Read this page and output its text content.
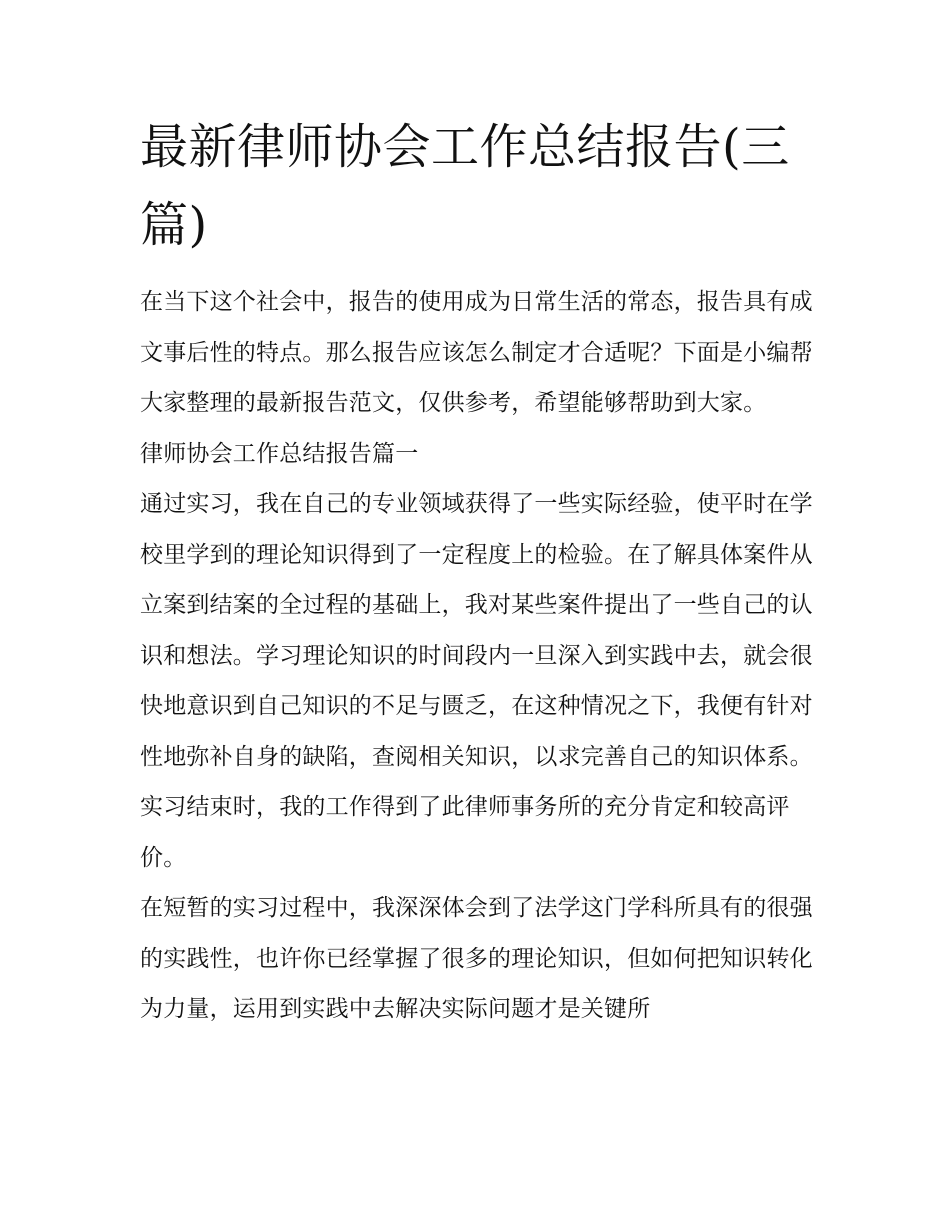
最新律师协会工作总结报告(三篇)

在当下这个社会中，报告的使用成为日常生活的常态，报告具有成文事后性的特点。那么报告应该怎么制定才合适呢？下面是小编帮大家整理的最新报告范文，仅供参考，希望能够帮助到大家。

律师协会工作总结报告篇一

通过实习，我在自己的专业领域获得了一些实际经验，使平时在学校里学到的理论知识得到了一定程度上的检验。在了解具体案件从立案到结案的全过程的基础上，我对某些案件提出了一些自己的认识和想法。学习理论知识的时间段内一旦深入到实践中去，就会很快地意识到自己知识的不足与匮乏，在这种情况之下，我便有针对性地弥补自身的缺陷，查阅相关知识，以求完善自己的知识体系。实习结束时，我的工作得到了此律师事务所的充分肯定和较高评价。

在短暂的实习过程中，我深深体会到了法学这门学科所具有的很强的实践性，也许你已经掌握了很多的理论知识，但如何把知识转化为力量，运用到实践中去解决实际问题才是关键所
